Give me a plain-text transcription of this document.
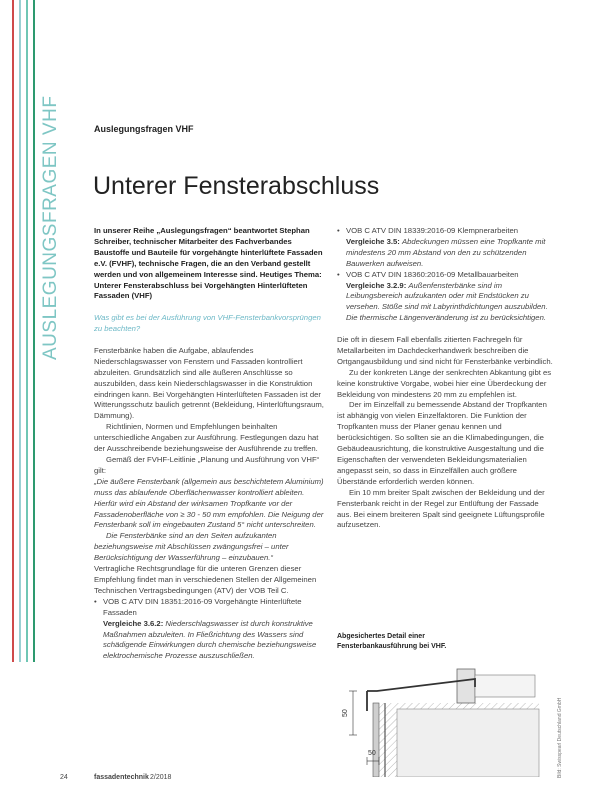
AUSLEGUNGSFRAGEN VHF	Auslegungsfragen VHF
Unterer Fensterabschluss

In unserer Reihe „Auslegungsfragen“ beantwortet Stephan Schreiber, technischer Mitarbeiter des Fachverbandes Baustoffe und Bauteile für vorgehängte hinterlüftete Fassaden e.V. (FVHF), technische Fragen, die an den Verband gestellt werden und von allgemeinem Interesse sind. Heutiges Thema: Unterer Fensterabschluss bei Vorgehängten Hinterlüfteten Fassaden (VHF)

Was gibt es bei der Ausführung von VHF-Fensterbankvorsprüngen zu beachten?

Fensterbänke haben die Aufgabe, ablaufendes Niederschlagswasser von Fenstern und Fassaden kontrolliert abzuleiten. Grundsätzlich sind alle äußeren Anschlüsse so auszubilden, dass kein Niederschlagswasser in die Konstruktion eindringen kann. Bei Vorgehängten Hinterlüfteten Fassaden ist der Witterungsschutz baulich getrennt (Bekleidung, Hinterlüftungsraum, Dämmung).

Richtlinien, Normen und Empfehlungen beinhalten unterschiedliche Angaben zur Ausführung. Festlegungen dazu hat der Ausschreibende beziehungsweise der Ausführende zu treffen.

Gemäß der FVHF-Leitlinie „Planung und Ausführung von VHF“ gilt:

„Die äußere Fensterbank (allgemein aus beschichtetem Aluminium) muss das ablaufende Oberflächenwasser kontrolliert ableiten. Hierfür wird ein Abstand der wirksamen Tropfkante vor der Fassadenoberfläche von ≥ 30 - 50 mm empfohlen. Die Neigung der Fensterbank soll im eingebauten Zustand 5° nicht unterschreiten.

Die Fensterbänke sind an den Seiten aufzukanten beziehungsweise mit Abschlüssen zwängungsfrei – unter Berücksichtigung der Wasserführung – einzubauen.“

Vertragliche Rechtsgrundlage für die unteren Grenzen dieser Empfehlung findet man in verschiedenen Stellen der Allgemeinen Technischen Vertragsbedingungen (ATV) der VOB Teil C.

• VOB C ATV DIN 18351:2016-09 Vorgehängte Hinterlüftete Fassaden
Vergleiche 3.6.2: Niederschlagswasser ist durch konstruktive Maßnahmen abzuleiten. In Fließrichtung des Wassers sind schädigende Einwirkungen durch chemische beziehungsweise elektrochemische Prozesse auszuschließen.
• VOB C ATV DIN 18339:2016-09 Klempnerarbeiten
Vergleiche 3.5: Abdeckungen müssen eine Tropfkante mit mindestens 20 mm Abstand von den zu schützenden Bauwerken aufweisen.
• VOB C ATV DIN 18360:2016-09 Metallbauarbeiten
Vergleiche 3.2.9: Außenfensterbänke sind im Leibungsbereich aufzukanten oder mit Endstücken zu versehen. Stöße sind mit Labyrinthdichtungen auszubilden. Die thermische Längenveränderung ist zu berücksichtigen.

Die oft in diesem Fall ebenfalls zitierten Fachregeln für Metallarbeiten im Dachdeckerhandwerk beschreiben die Ortgangausbildung und sind nicht für Fensterbänke verbindlich.

Zu der konkreten Länge der senkrechten Abkantung gibt es keine konstruktive Vorgabe, wobei hier eine Überdeckung der Bekleidung von mindestens 20 mm zu empfehlen ist.

Der im Einzelfall zu bemessende Abstand der Tropfkanten ist abhängig von vielen Einzelfaktoren. Die Funktion der Tropfkanten muss der Planer genau kennen und berücksichtigen. So sollten sie an die Klimabedingungen, die Gebäudeausrichtung, die konstruktive Ausgestaltung und die Eigenschaften der verwendeten Bekleidungsmaterialien angepasst sein, so dass in Einzelfällen auch größere Überstände erforderlich werden können.

Ein 10 mm breiter Spalt zwischen der Bekleidung und der Fensterbank reicht in der Regel zur Entlüftung der Fassade aus. Bei einem breiteren Spalt sind geeignete Lüftungsprofile aufzusetzen.

Abgesichertes Detail einer Fensterbankausführung bei VHF.
50
50	Bild: Swisspearl Deutschland GmbH
24	fassadentechnik 2/2018
